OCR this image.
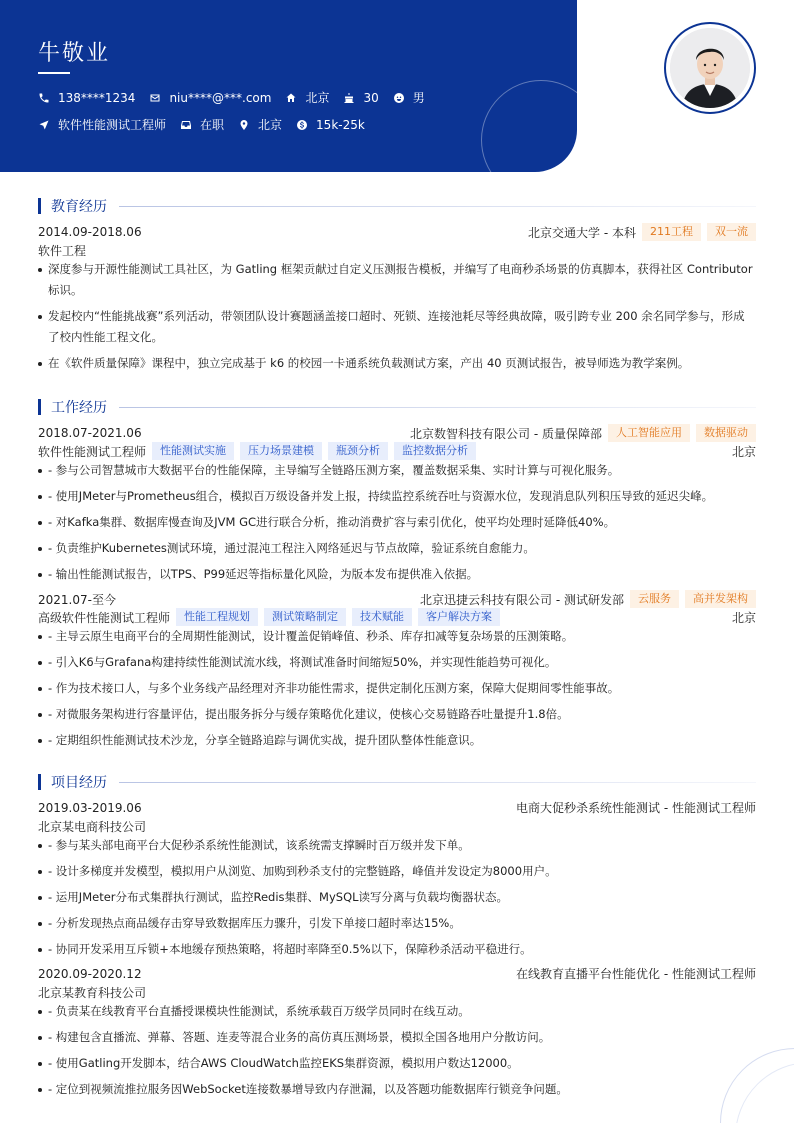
牛敬业
138****1234	niu****@***.com	北京	30	男
软件性能测试工程师	在职	北京	15k-25k
教育经历
2014.09-2018.06	北京交通大学 - 本科	211工程	双一流
软件工程
深度参与开源性能测试工具社区，为 Gatling 框架贡献过自定义压测报告模板，并编写了电商秒杀场景的仿真脚本，获得社区 Contributor 标识。
发起校内“性能挑战赛”系列活动，带领团队设计赛题涵盖接口超时、死锁、连接池耗尽等经典故障，吸引跨专业 200 余名同学参与，形成了校内性能工程文化。
在《软件质量保障》课程中，独立完成基于 k6 的校园一卡通系统负载测试方案，产出 40 页测试报告，被导师选为教学案例。
工作经历
2018.07-2021.06	北京数智科技有限公司 - 质量保障部	人工智能应用	数据驱动
软件性能测试工程师	性能测试实施	压力场景建模	瓶颈分析	监控数据分析	北京
- 参与公司智慧城市大数据平台的性能保障，主导编写全链路压测方案，覆盖数据采集、实时计算与可视化服务。
- 使用JMeter与Prometheus组合，模拟百万级设备并发上报，持续监控系统吞吐与资源水位，发现消息队列积压导致的延迟尖峰。
- 对Kafka集群、数据库慢查询及JVM GC进行联合分析，推动消费扩容与索引优化，使平均处理时延降低40%。
- 负责维护Kubernetes测试环境，通过混沌工程注入网络延迟与节点故障，验证系统自愈能力。
- 输出性能测试报告，以TPS、P99延迟等指标量化风险，为版本发布提供准入依据。
2021.07-至今	北京迅捷云科技有限公司 - 测试研发部	云服务	高并发架构
高级软件性能测试工程师	性能工程规划	测试策略制定	技术赋能	客户解决方案	北京
- 主导云原生电商平台的全周期性能测试，设计覆盖促销峰值、秒杀、库存扣减等复杂场景的压测策略。
- 引入K6与Grafana构建持续性能测试流水线，将测试准备时间缩短50%，并实现性能趋势可视化。
- 作为技术接口人，与多个业务线产品经理对齐非功能性需求，提供定制化压测方案，保障大促期间零性能事故。
- 对微服务架构进行容量评估，提出服务拆分与缓存策略优化建议，使核心交易链路吞吐量提升1.8倍。
- 定期组织性能测试技术沙龙，分享全链路追踪与调优实战，提升团队整体性能意识。
项目经历
2019.03-2019.06	电商大促秒杀系统性能测试 - 性能测试工程师
北京某电商科技公司
- 参与某头部电商平台大促秒杀系统性能测试，该系统需支撑瞬时百万级并发下单。
- 设计多梯度并发模型，模拟用户从浏览、加购到秒杀支付的完整链路，峰值并发设定为8000用户。
- 运用JMeter分布式集群执行测试，监控Redis集群、MySQL读写分离与负载均衡器状态。
- 分析发现热点商品缓存击穿导致数据库压力骤升，引发下单接口超时率达15%。
- 协同开发采用互斥锁+本地缓存预热策略，将超时率降至0.5%以下，保障秒杀活动平稳进行。
2020.09-2020.12	在线教育直播平台性能优化 - 性能测试工程师
北京某教育科技公司
- 负责某在线教育平台直播授课模块性能测试，系统承载百万级学员同时在线互动。
- 构建包含直播流、弹幕、答题、连麦等混合业务的高仿真压测场景，模拟全国各地用户分散访问。
- 使用Gatling开发脚本，结合AWS CloudWatch监控EKS集群资源，模拟用户数达12000。
- 定位到视频流推拉服务因WebSocket连接数暴增导致内存泄漏，以及答题功能数据库行锁竞争问题。
